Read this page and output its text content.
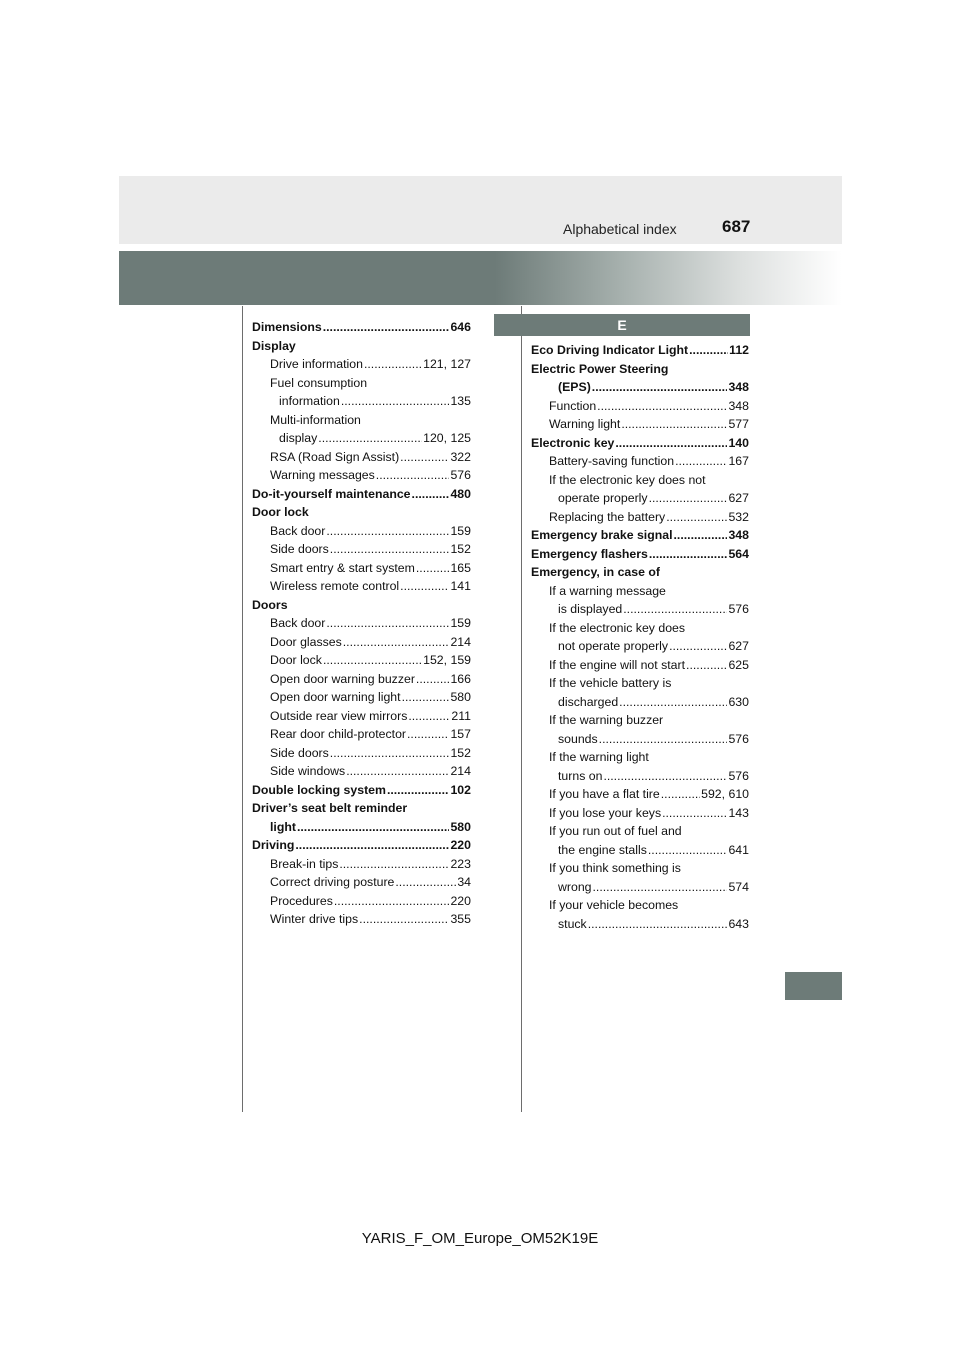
Alphabetical index	687
Dimensions .....	646
Display
Drive information .....	121, 127
Fuel consumption
information .....	135
Multi-information
display .....	120, 125
RSA (Road Sign Assist) .....	322
Warning messages .....	576
Do-it-yourself maintenance .....	480
Door lock
Back door .....	159
Side doors .....	152
Smart entry & start system .....	165
Wireless remote control .....	141
Doors
Back door .....	159
Door glasses .....	214
Door lock .....	152, 159
Open door warning buzzer .....	166
Open door warning light .....	580
Outside rear view mirrors .....	211
Rear door child-protector .....	157
Side doors .....	152
Side windows .....	214
Double locking system .....	102
Driver’s seat belt reminder
light .....	580
Driving .....	220
Break-in tips .....	223
Correct driving posture .....	34
Procedures .....	220
Winter drive tips .....	355
E
Eco Driving Indicator Light .....	112
Electric Power Steering
(EPS) .....	348
Function .....	348
Warning light .....	577
Electronic key .....	140
Battery-saving function .....	167
If the electronic key does not
operate properly .....	627
Replacing the battery .....	532
Emergency brake signal .....	348
Emergency flashers .....	564
Emergency, in case of
If a warning message
is displayed .....	576
If the electronic key does
not operate properly .....	627
If the engine will not start .....	625
If the vehicle battery is
discharged .....	630
If the warning buzzer
sounds .....	576
If the warning light
turns on .....	576
If you have a flat tire .....	592, 610
If you lose your keys .....	143
If you run out of fuel and
the engine stalls .....	641
If you think something is
wrong .....	574
If your vehicle becomes
stuck .....	643
YARIS_F_OM_Europe_OM52K19E
